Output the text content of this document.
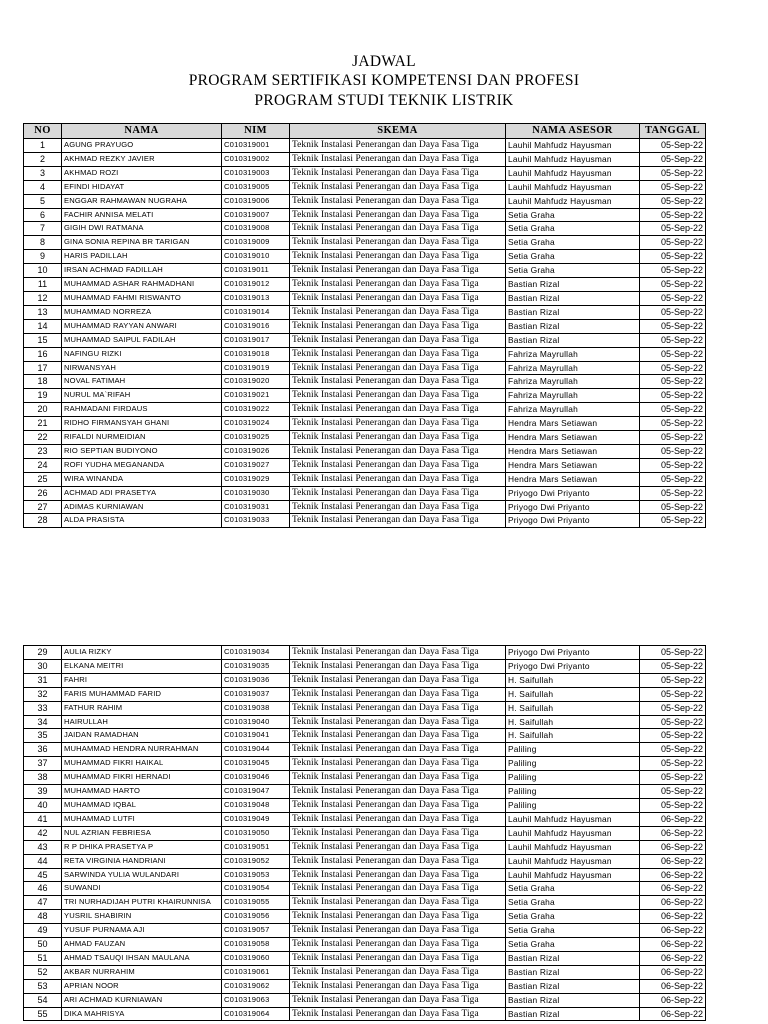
JADWAL
PROGRAM SERTIFIKASI KOMPETENSI DAN PROFESI
PROGRAM STUDI TEKNIK LISTRIK
NO	NAMA	NIM	SKEMA	NAMA ASESOR	TANGGAL
1	AGUNG PRAYUGO	C010319001	Teknik Instalasi Penerangan dan Daya Fasa Tiga	Lauhil Mahfudz Hayusman	05-Sep-22
2	AKHMAD REZKY JAVIER	C010319002	Teknik Instalasi Penerangan dan Daya Fasa Tiga	Lauhil Mahfudz Hayusman	05-Sep-22
3	AKHMAD ROZI	C010319003	Teknik Instalasi Penerangan dan Daya Fasa Tiga	Lauhil Mahfudz Hayusman	05-Sep-22
4	EFINDI HIDAYAT	C010319005	Teknik Instalasi Penerangan dan Daya Fasa Tiga	Lauhil Mahfudz Hayusman	05-Sep-22
5	ENGGAR RAHMAWAN NUGRAHA	C010319006	Teknik Instalasi Penerangan dan Daya Fasa Tiga	Lauhil Mahfudz Hayusman	05-Sep-22
6	FACHIR ANNISA MELATI	C010319007	Teknik Instalasi Penerangan dan Daya Fasa Tiga	Setia Graha	05-Sep-22
7	GIGIH DWI RATMANA	C010319008	Teknik Instalasi Penerangan dan Daya Fasa Tiga	Setia Graha	05-Sep-22
8	GINA SONIA REPINA BR TARIGAN	C010319009	Teknik Instalasi Penerangan dan Daya Fasa Tiga	Setia Graha	05-Sep-22
9	HARIS PADILLAH	C010319010	Teknik Instalasi Penerangan dan Daya Fasa Tiga	Setia Graha	05-Sep-22
10	IRSAN ACHMAD FADILLAH	C010319011	Teknik Instalasi Penerangan dan Daya Fasa Tiga	Setia Graha	05-Sep-22
11	MUHAMMAD ASHAR RAHMADHANI	C010319012	Teknik Instalasi Penerangan dan Daya Fasa Tiga	Bastian Rizal	05-Sep-22
12	MUHAMMAD FAHMI RISWANTO	C010319013	Teknik Instalasi Penerangan dan Daya Fasa Tiga	Bastian Rizal	05-Sep-22
13	MUHAMMAD NORREZA	C010319014	Teknik Instalasi Penerangan dan Daya Fasa Tiga	Bastian Rizal	05-Sep-22
14	MUHAMMAD RAYYAN ANWARI	C010319016	Teknik Instalasi Penerangan dan Daya Fasa Tiga	Bastian Rizal	05-Sep-22
15	MUHAMMAD SAIPUL FADILAH	C010319017	Teknik Instalasi Penerangan dan Daya Fasa Tiga	Bastian Rizal	05-Sep-22
16	NAFINGU RIZKI	C010319018	Teknik Instalasi Penerangan dan Daya Fasa Tiga	Fahriza Mayrullah	05-Sep-22
17	NIRWANSYAH	C010319019	Teknik Instalasi Penerangan dan Daya Fasa Tiga	Fahriza Mayrullah	05-Sep-22
18	NOVAL FATIMAH	C010319020	Teknik Instalasi Penerangan dan Daya Fasa Tiga	Fahriza Mayrullah	05-Sep-22
19	NURUL MA`RIFAH	C010319021	Teknik Instalasi Penerangan dan Daya Fasa Tiga	Fahriza Mayrullah	05-Sep-22
20	RAHMADANI FIRDAUS	C010319022	Teknik Instalasi Penerangan dan Daya Fasa Tiga	Fahriza Mayrullah	05-Sep-22
21	RIDHO FIRMANSYAH GHANI	C010319024	Teknik Instalasi Penerangan dan Daya Fasa Tiga	Hendra Mars Setiawan	05-Sep-22
22	RIFALDI NURMEIDIAN	C010319025	Teknik Instalasi Penerangan dan Daya Fasa Tiga	Hendra Mars Setiawan	05-Sep-22
23	RIO SEPTIAN BUDIYONO	C010319026	Teknik Instalasi Penerangan dan Daya Fasa Tiga	Hendra Mars Setiawan	05-Sep-22
24	ROFI YUDHA MEGANANDA	C010319027	Teknik Instalasi Penerangan dan Daya Fasa Tiga	Hendra Mars Setiawan	05-Sep-22
25	WIRA WINANDA	C010319029	Teknik Instalasi Penerangan dan Daya Fasa Tiga	Hendra Mars Setiawan	05-Sep-22
26	ACHMAD ADI PRASETYA	C010319030	Teknik Instalasi Penerangan dan Daya Fasa Tiga	Priyogo Dwi Priyanto	05-Sep-22
27	ADIMAS KURNIAWAN	C010319031	Teknik Instalasi Penerangan dan Daya Fasa Tiga	Priyogo Dwi Priyanto	05-Sep-22
28	ALDA PRASISTA	C010319033	Teknik Instalasi Penerangan dan Daya Fasa Tiga	Priyogo Dwi Priyanto	05-Sep-22
29	AULIA RIZKY	C010319034	Teknik Instalasi Penerangan dan Daya Fasa Tiga	Priyogo Dwi Priyanto	05-Sep-22
30	ELKANA MEITRI	C010319035	Teknik Instalasi Penerangan dan Daya Fasa Tiga	Priyogo Dwi Priyanto	05-Sep-22
31	FAHRI	C010319036	Teknik Instalasi Penerangan dan Daya Fasa Tiga	H. Saifullah	05-Sep-22
32	FARIS MUHAMMAD FARID	C010319037	Teknik Instalasi Penerangan dan Daya Fasa Tiga	H. Saifullah	05-Sep-22
33	FATHUR RAHIM	C010319038	Teknik Instalasi Penerangan dan Daya Fasa Tiga	H. Saifullah	05-Sep-22
34	HAIRULLAH	C010319040	Teknik Instalasi Penerangan dan Daya Fasa Tiga	H. Saifullah	05-Sep-22
35	JAIDAN RAMADHAN	C010319041	Teknik Instalasi Penerangan dan Daya Fasa Tiga	H. Saifullah	05-Sep-22
36	MUHAMMAD HENDRA NURRAHMAN	C010319044	Teknik Instalasi Penerangan dan Daya Fasa Tiga	Paliling	05-Sep-22
37	MUHAMMAD FIKRI HAIKAL	C010319045	Teknik Instalasi Penerangan dan Daya Fasa Tiga	Paliling	05-Sep-22
38	MUHAMMAD FIKRI HERNADI	C010319046	Teknik Instalasi Penerangan dan Daya Fasa Tiga	Paliling	05-Sep-22
39	MUHAMMAD HARTO	C010319047	Teknik Instalasi Penerangan dan Daya Fasa Tiga	Paliling	05-Sep-22
40	MUHAMMAD IQBAL	C010319048	Teknik Instalasi Penerangan dan Daya Fasa Tiga	Paliling	05-Sep-22
41	MUHAMMAD LUTFI	C010319049	Teknik Instalasi Penerangan dan Daya Fasa Tiga	Lauhil Mahfudz Hayusman	06-Sep-22
42	NUL AZRIAN FEBRIESA	C010319050	Teknik Instalasi Penerangan dan Daya Fasa Tiga	Lauhil Mahfudz Hayusman	06-Sep-22
43	R P DHIKA PRASETYA P	C010319051	Teknik Instalasi Penerangan dan Daya Fasa Tiga	Lauhil Mahfudz Hayusman	06-Sep-22
44	RETA VIRGINIA HANDRIANI	C010319052	Teknik Instalasi Penerangan dan Daya Fasa Tiga	Lauhil Mahfudz Hayusman	06-Sep-22
45	SARWINDA YULIA WULANDARI	C010319053	Teknik Instalasi Penerangan dan Daya Fasa Tiga	Lauhil Mahfudz Hayusman	06-Sep-22
46	SUWANDI	C010319054	Teknik Instalasi Penerangan dan Daya Fasa Tiga	Setia Graha	06-Sep-22
47	TRI NURHADIJAH PUTRI KHAIRUNNISA	C010319055	Teknik Instalasi Penerangan dan Daya Fasa Tiga	Setia Graha	06-Sep-22
48	YUSRIL SHABIRIN	C010319056	Teknik Instalasi Penerangan dan Daya Fasa Tiga	Setia Graha	06-Sep-22
49	YUSUF PURNAMA AJI	C010319057	Teknik Instalasi Penerangan dan Daya Fasa Tiga	Setia Graha	06-Sep-22
50	AHMAD FAUZAN	C010319058	Teknik Instalasi Penerangan dan Daya Fasa Tiga	Setia Graha	06-Sep-22
51	AHMAD TSAUQI IHSAN MAULANA	C010319060	Teknik Instalasi Penerangan dan Daya Fasa Tiga	Bastian Rizal	06-Sep-22
52	AKBAR NURRAHIM	C010319061	Teknik Instalasi Penerangan dan Daya Fasa Tiga	Bastian Rizal	06-Sep-22
53	APRIAN NOOR	C010319062	Teknik Instalasi Penerangan dan Daya Fasa Tiga	Bastian Rizal	06-Sep-22
54	ARI ACHMAD KURNIAWAN	C010319063	Teknik Instalasi Penerangan dan Daya Fasa Tiga	Bastian Rizal	06-Sep-22
55	DIKA MAHRISYA	C010319064	Teknik Instalasi Penerangan dan Daya Fasa Tiga	Bastian Rizal	06-Sep-22
